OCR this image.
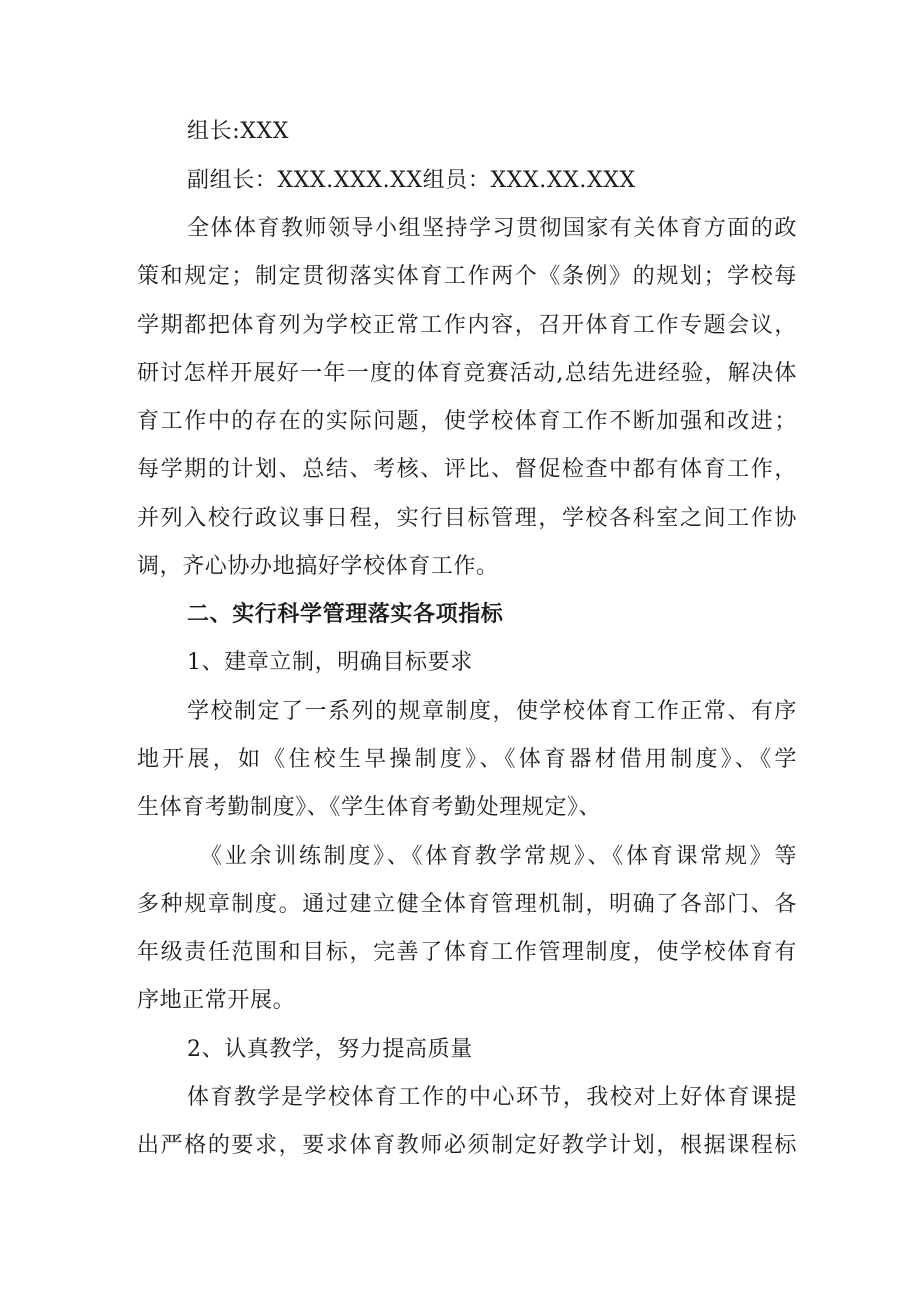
组长:XXX
副组长：XXX.XXX.XX组员：XXX.XX.XXX
全体体育教师领导小组坚持学习贯彻国家有关体育方面的政
策和规定；制定贯彻落实体育工作两个《条例》的规划；学校每
学期都把体育列为学校正常工作内容，召开体育工作专题会议，
研讨怎样开展好一年一度的体育竞赛活动,总结先进经验，解决体
育工作中的存在的实际问题，使学校体育工作不断加强和改进；
每学期的计划、总结、考核、评比、督促检查中都有体育工作，
并列入校行政议事日程，实行目标管理，学校各科室之间工作协
调，齐心协办地搞好学校体育工作。
二、实行科学管理落实各项指标
1、建章立制，明确目标要求
学校制定了一系列的规章制度，使学校体育工作正常、有序
地开展，如《住校生早操制度》、《体育器材借用制度》、《学
生体育考勤制度》、《学生体育考勤处理规定》、
《业余训练制度》、《体育教学常规》、《体育课常规》等
多种规章制度。通过建立健全体育管理机制，明确了各部门、各
年级责任范围和目标，完善了体育工作管理制度，使学校体育有
序地正常开展。
2、认真教学，努力提高质量
体育教学是学校体育工作的中心环节，我校对上好体育课提
出严格的要求，要求体育教师必须制定好教学计划，根据课程标
